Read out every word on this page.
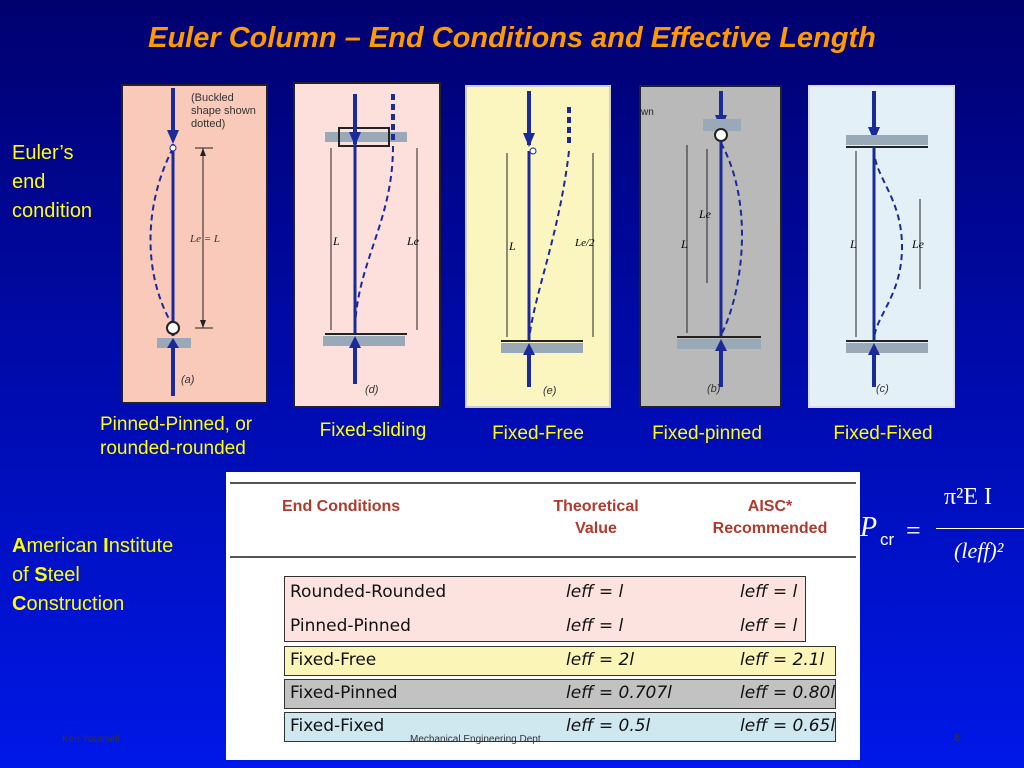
Euler Column – End Conditions and Effective Length
Euler’s
end
condition
(Buckled
shape shown
dotted)
Le = L
(a)
L	Le
(d)
L	Le/2
(e)
wn
L
Le
(b)
L	Le
(c)
Pinned-Pinned, or
rounded-rounded
Fixed-sliding	Fixed-Free	Fixed-pinned	Fixed-Fixed
American Institute
of Steel
Construction
End Conditions	Theoretical
Value
AISC*
Recommended
Rounded-Rounded	leff = l	leff = l
Pinned-Pinned	leff = l	leff = l
Fixed-Free	leff = 2l	leff = 2.1l
Fixed-Pinned	leff = 0.707l	leff = 0.80l
Fixed-Fixed	leff = 0.5l	leff = 0.65l
P cr =
π²E I
(leff)²
Ken Youssefi	Mechanical Engineering Dept.	8
